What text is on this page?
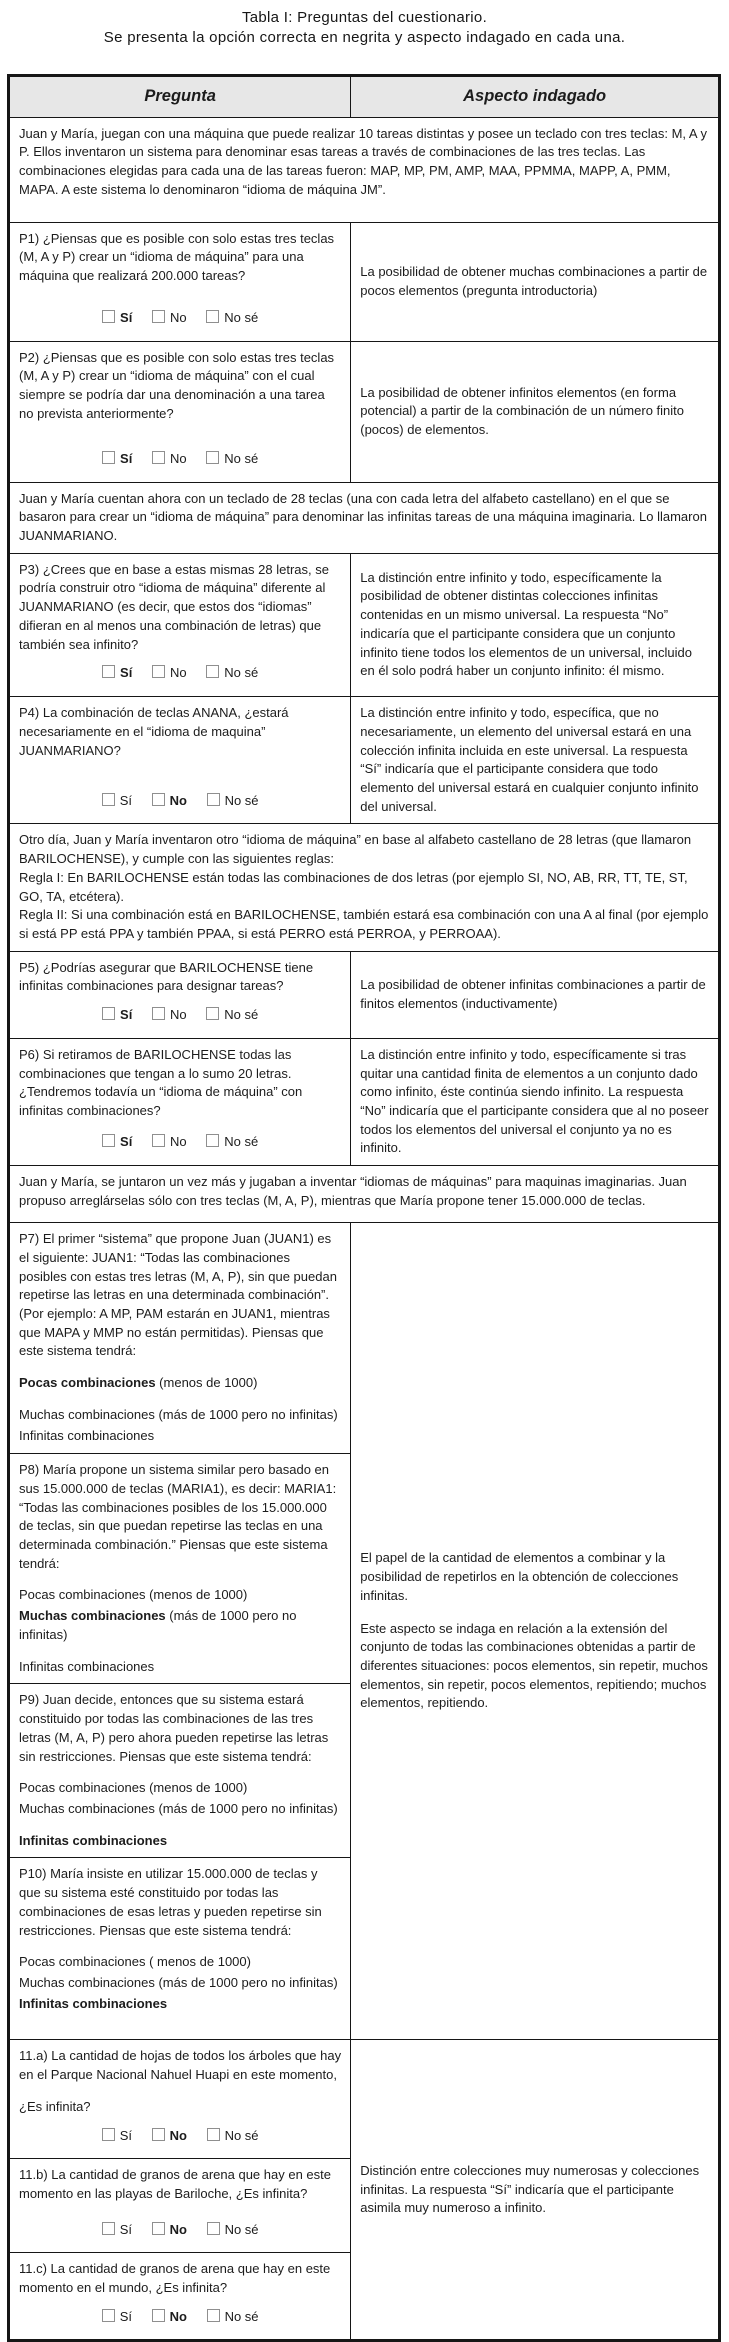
Tabla I: Preguntas del cuestionario.
Se presenta la opción correcta en negrita y aspecto indagado en cada una.
Pregunta	Aspecto indagado

Juan y María, juegan con una máquina que puede realizar 10 tareas distintas y posee un teclado con tres teclas: M, A y P. Ellos inventaron un sistema para denominar esas tareas a través de combinaciones de las tres teclas. Las combinaciones elegidas para cada una de las tareas fueron: MAP, MP, PM, AMP, MAA, PPMMA, MAPP, A, PMM, MAPA. A este sistema lo denominaron “idioma de máquina JM”.

P1) ¿Piensas que es posible con solo estas tres teclas (M, A y P) crear un “idioma de máquina” para una máquina que realizará 200.000 tareas?
Sí	No	No sé
La posibilidad de obtener muchas combinaciones a partir de pocos elementos (pregunta introductoria)
P2) ¿Piensas que es posible con solo estas tres teclas (M, A y P) crear un “idioma de máquina” con el cual siempre se podría dar una denominación a una tarea no prevista anteriormente?
Sí	No	No sé
La posibilidad de obtener infinitos elementos (en forma potencial) a partir de la combinación de un número finito (pocos) de elementos.

Juan y María cuentan ahora con un teclado de 28 teclas (una con cada letra del alfabeto castellano) en el que se basaron para crear un “idioma de máquina” para denominar las infinitas tareas de una máquina imaginaria. Lo llamaron JUANMARIANO.

P3) ¿Crees que en base a estas mismas 28 letras, se podría construir otro “idioma de máquina” diferente al JUANMARIANO (es decir, que estos dos “idiomas” difieran en al menos una combinación de letras) que también sea infinito?
Sí	No	No sé
La distinción entre infinito y todo, específicamente la posibilidad de obtener distintas colecciones infinitas contenidas en un mismo universal. La respuesta “No” indicaría que el participante considera que un conjunto infinito tiene todos los elementos de un universal, incluido en él solo podrá haber un conjunto infinito: él mismo.
P4) La combinación de teclas ANANA, ¿estará necesariamente en el “idioma de maquina” JUANMARIANO?
Sí	No	No sé
La distinción entre infinito y todo, específica, que no necesariamente, un elemento del universal estará en una colección infinita incluida en este universal. La respuesta “Sí” indicaría que el participante considera que todo elemento del universal estará en cualquier conjunto infinito del universal.

Otro día, Juan y María inventaron otro “idioma de máquina” en base al alfabeto castellano de 28 letras (que llamaron BARILOCHENSE), y cumple con las siguientes reglas:

Regla I: En BARILOCHENSE están todas las combinaciones de dos letras (por ejemplo SI, NO, AB, RR, TT, TE, ST, GO, TA, etcétera).

Regla II: Si una combinación está en BARILOCHENSE, también estará esa combinación con una A al final (por ejemplo si está PP está PPA y también PPAA, si está PERRO está PERROA, y PERROAA).

P5) ¿Podrías asegurar que BARILOCHENSE tiene infinitas combinaciones para designar tareas?
Sí	No	No sé
La posibilidad de obtener infinitas combinaciones a partir de finitos elementos (inductivamente)
P6) Si retiramos de BARILOCHENSE todas las combinaciones que tengan a lo sumo 20 letras. ¿Tendremos todavía un “idioma de máquina” con infinitas combinaciones?
Sí	No	No sé
La distinción entre infinito y todo, específicamente si tras quitar una cantidad finita de elementos a un conjunto dado como infinito, éste continúa siendo infinito. La respuesta “No” indicaría que el participante considera que al no poseer todos los elementos del universal el conjunto ya no es infinito.

Juan y María, se juntaron un vez más y jugaban a inventar “idiomas de máquinas” para maquinas imaginarias. Juan propuso arreglárselas sólo con tres teclas (M, A, P), mientras que María propone tener 15.000.000 de teclas.

P7) El primer “sistema” que propone Juan (JUAN1) es el siguiente: JUAN1: “Todas las combinaciones posibles con estas tres letras (M, A, P), sin que puedan repetirse las letras en una determinada combinación”. (Por ejemplo: A MP, PAM estarán en JUAN1, mientras que MAPA y MMP no están permitidas). Piensas que este sistema tendrá:
Pocas combinaciones (menos de 1000)
Muchas combinaciones (más de 1000 pero no infinitas)
Infinitas combinaciones
El papel de la cantidad de elementos a combinar y la posibilidad de repetirlos en la obtención de colecciones infinitas.
Este aspecto se indaga en relación a la extensión del conjunto de todas las combinaciones obtenidas a partir de diferentes situaciones: pocos elementos, sin repetir, muchos elementos, sin repetir, pocos elementos, repitiendo; muchos elementos, repitiendo.
P8) María propone un sistema similar pero basado en sus 15.000.000 de teclas (MARIA1), es decir: MARIA1: “Todas las combinaciones posibles de los 15.000.000 de teclas, sin que puedan repetirse las teclas en una determinada combinación.” Piensas que este sistema tendrá:
Pocas combinaciones (menos de 1000)
Muchas combinaciones (más de 1000 pero no infinitas)
Infinitas combinaciones
P9) Juan decide, entonces que su sistema estará constituido por todas las combinaciones de las tres letras (M, A, P) pero ahora pueden repetirse las letras sin restricciones. Piensas que este sistema tendrá:
Pocas combinaciones (menos de 1000)
Muchas combinaciones (más de 1000 pero no infinitas)
Infinitas combinaciones
P10) María insiste en utilizar 15.000.000 de teclas y que su sistema esté constituido por todas las combinaciones de esas letras y pueden repetirse sin restricciones. Piensas que este sistema tendrá:
Pocas combinaciones ( menos de 1000)
Muchas combinaciones (más de 1000 pero no infinitas)
Infinitas combinaciones
11.a) La cantidad de hojas de todos los árboles que hay en el Parque Nacional Nahuel Huapi en este momento,
¿Es infinita?
Sí	No	No sé
Distinción entre colecciones muy numerosas y colecciones infinitas. La respuesta “Sí” indicaría que el participante asimila muy numeroso a infinito.
11.b) La cantidad de granos de arena que hay en este momento en las playas de Bariloche, ¿Es infinita?
Sí	No	No sé
11.c) La cantidad de granos de arena que hay en este momento en el mundo, ¿Es infinita?
Sí	No	No sé
